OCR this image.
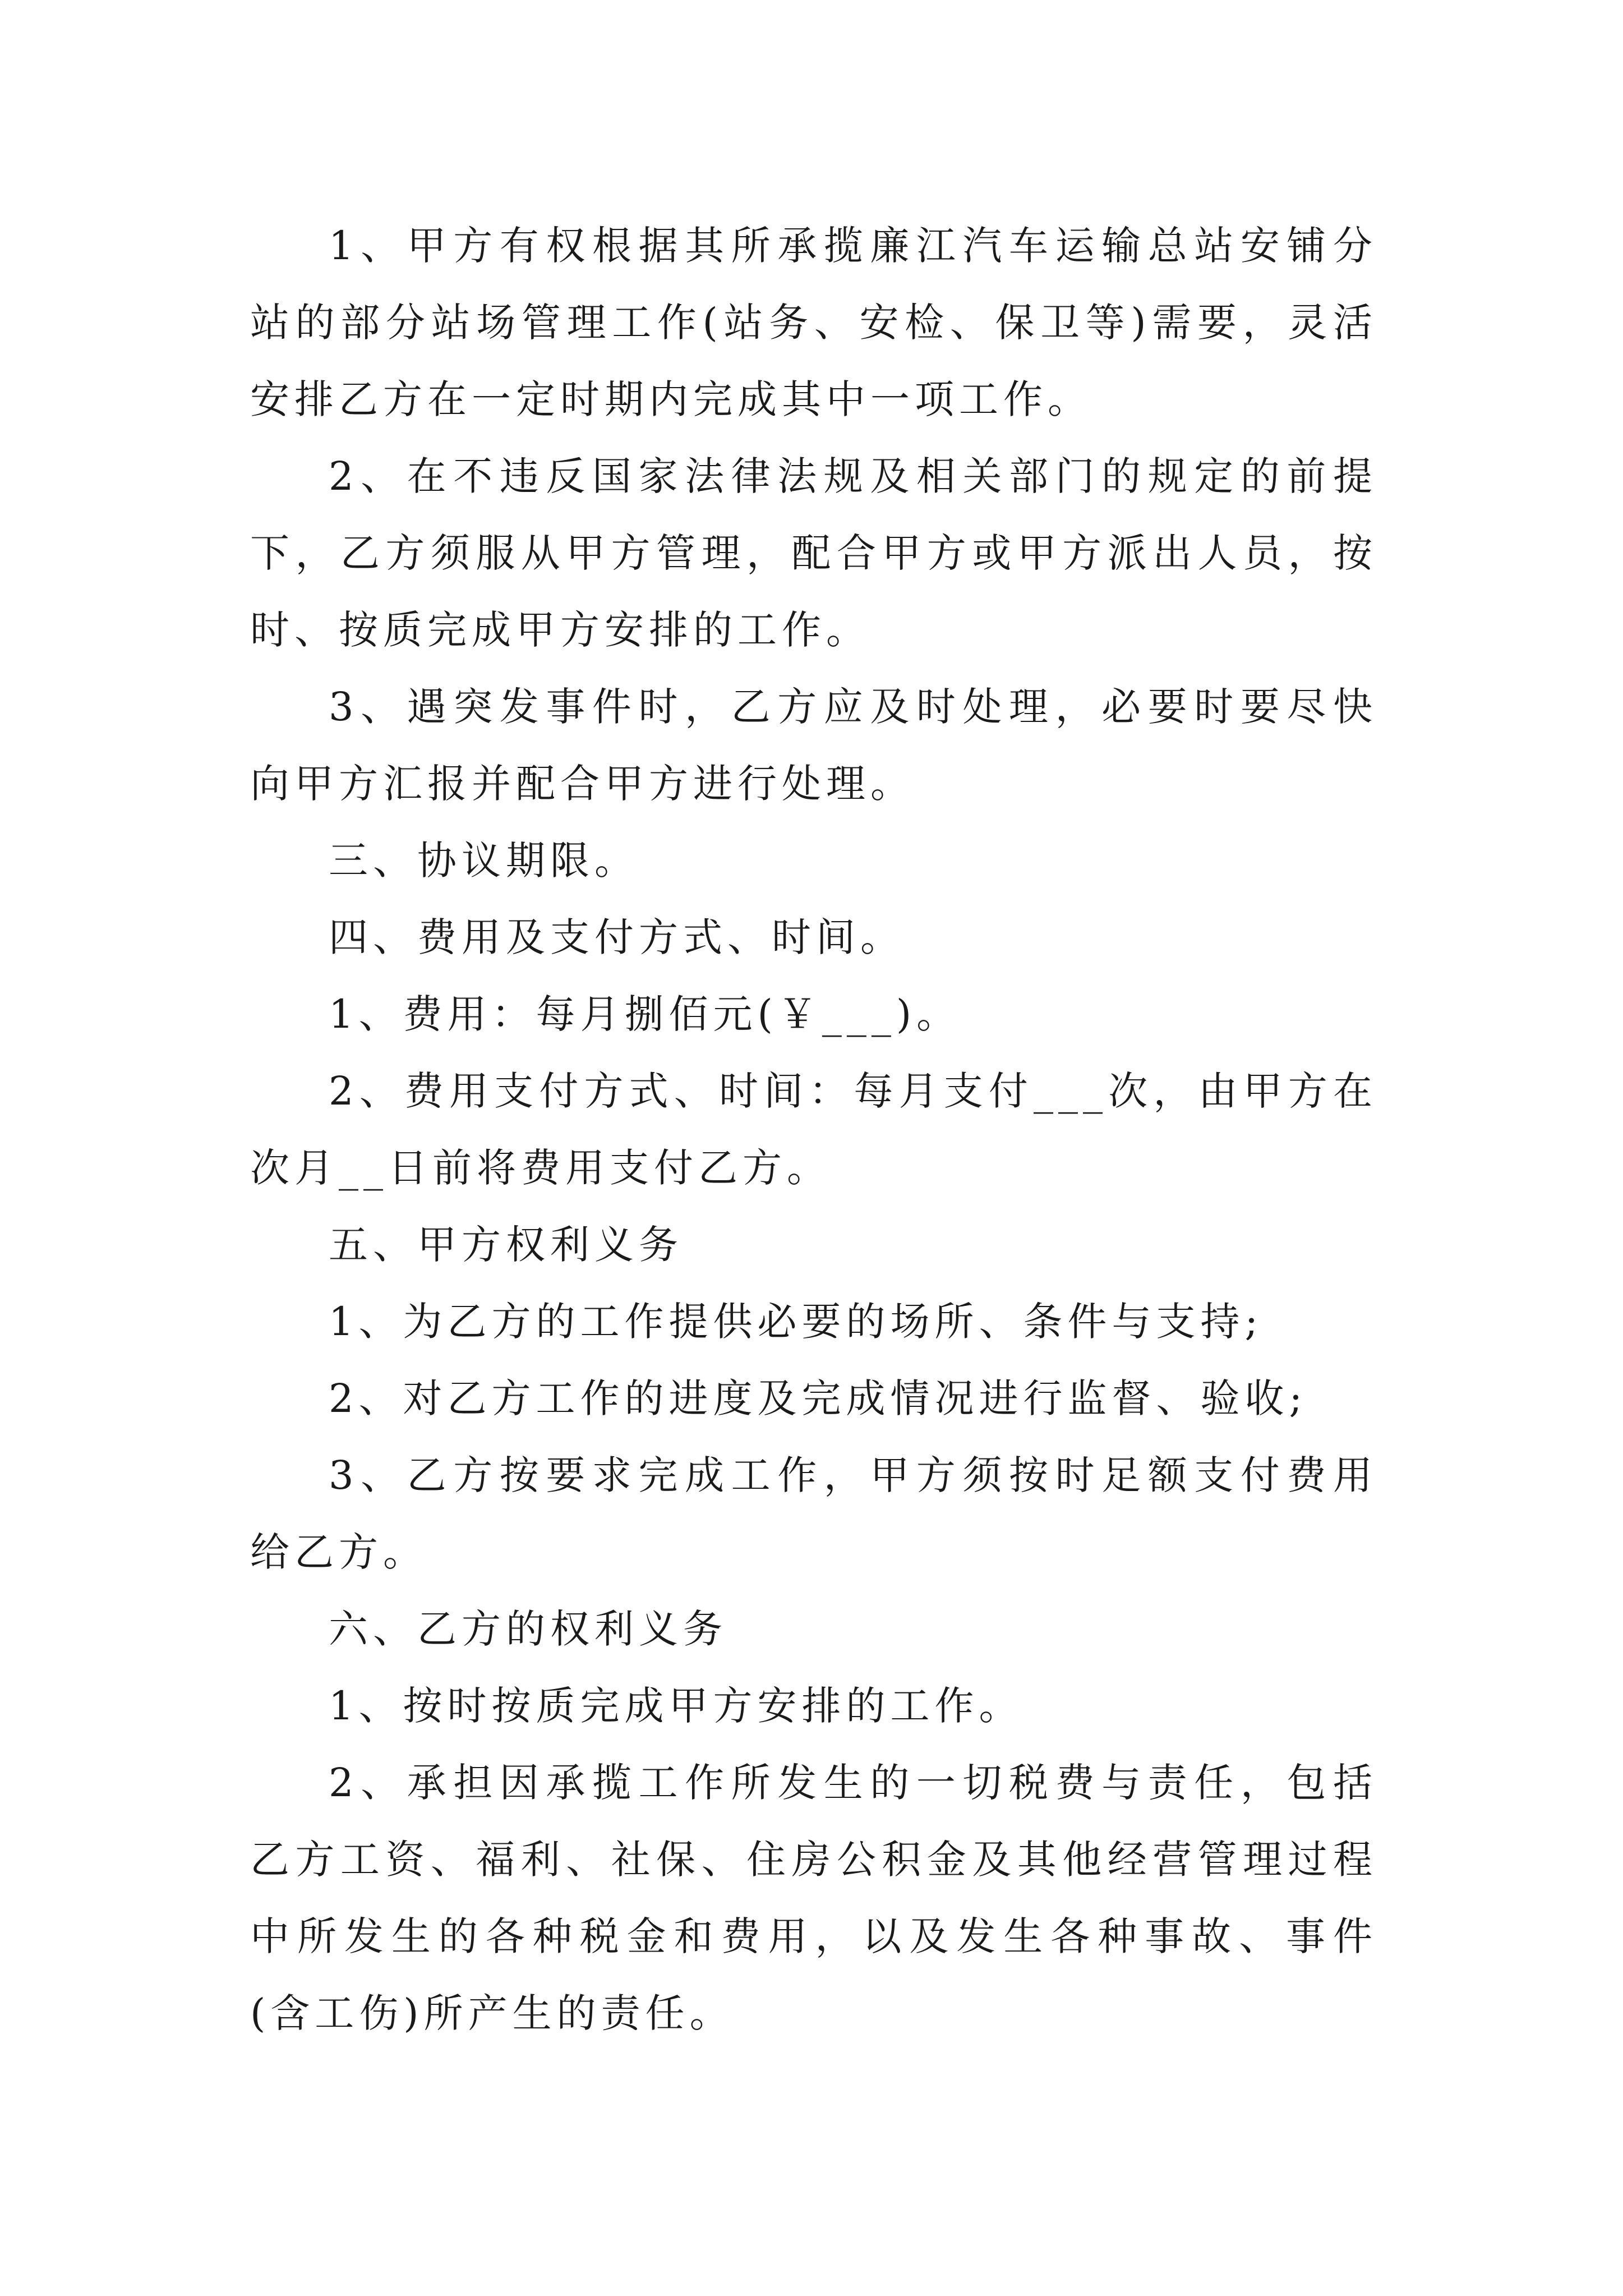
1、甲方有权根据其所承揽廉江汽车运输总站安铺分站的部分站场管理工作(站务、安检、保卫等)需要，灵活安排乙方在一定时期内完成其中一项工作。

2、在不违反国家法律法规及相关部门的规定的前提下，乙方须服从甲方管理，配合甲方或甲方派出人员，按时、按质完成甲方安排的工作。

3、遇突发事件时，乙方应及时处理，必要时要尽快向甲方汇报并配合甲方进行处理。

三、协议期限。

四、费用及支付方式、时间。

1、费用：每月捌佰元(￥___)。

2、费用支付方式、时间：每月支付___次，由甲方在次月__日前将费用支付乙方。

五、甲方权利义务

1、为乙方的工作提供必要的场所、条件与支持;

2、对乙方工作的进度及完成情况进行监督、验收;

3、乙方按要求完成工作，甲方须按时足额支付费用给乙方。

六、乙方的权利义务

1、按时按质完成甲方安排的工作。

2、承担因承揽工作所发生的一切税费与责任，包括乙方工资、福利、社保、住房公积金及其他经营管理过程中所发生的各种税金和费用，以及发生各种事故、事件(含工伤)所产生的责任。
